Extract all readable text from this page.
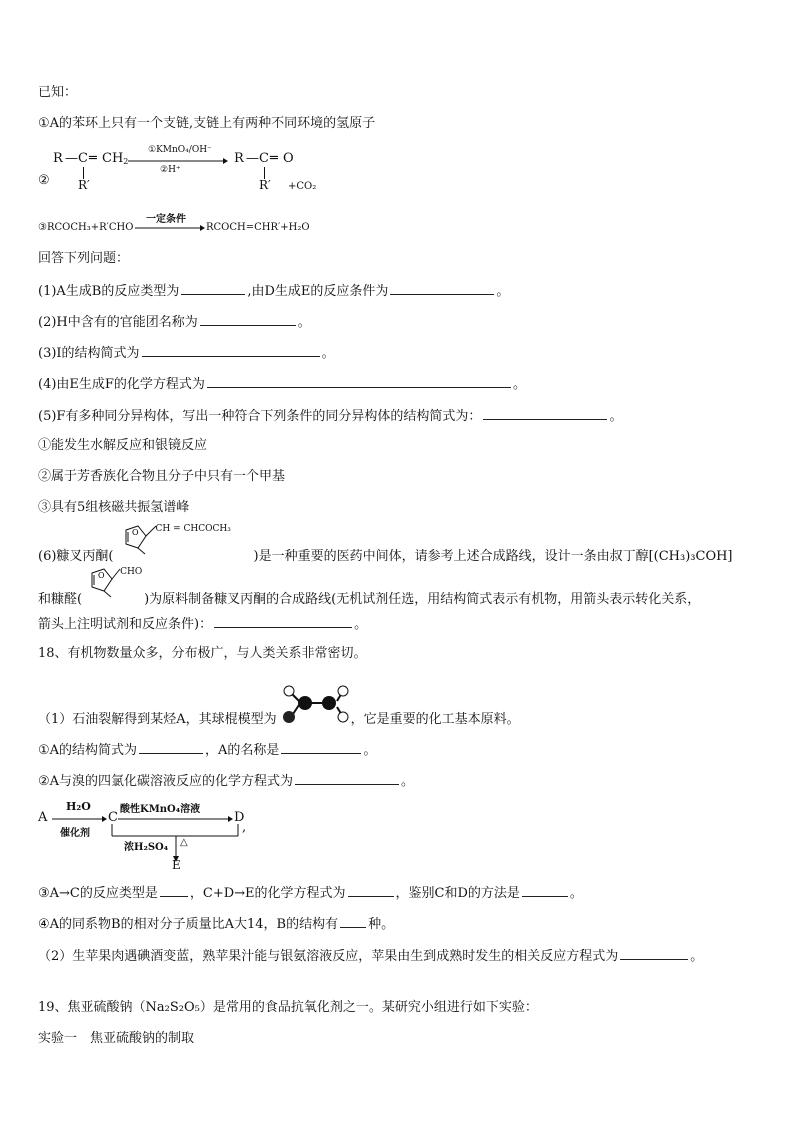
已知：
①A的苯环上只有一个支链,支链上有两种不同环境的氢原子
②
R — C ═ $CH_2$
R′
①KMnO₄/OH⁻
②H⁺
R — C ═ O
R′ +CO₂
③RCOCH₃+R′CHO
一定条件
RCOCH=CHR′+H₂O
回答下列问题：
(1)A生成B的反应类型为	,由D生成E的反应条件为	。
(2)H中含有的官能团名称为	。
(3)I的结构简式为	。
(4)由E生成F的化学方程式为	。
(5)F有多种同分异构体，写出一种符合下列条件的同分异构体的结构简式为：	。
①能发生水解反应和银镜反应
②属于芳香族化合物且分子中只有一个甲基
③具有5组核磁共振氢谱峰
(6)糠叉丙酮(
O CH = CHCOCH₃
)是一种重要的医药中间体，请参考上述合成路线，设计一条由叔丁醇[(CH₃)₃COH]
和糠醛(
O CHO
)为原料制备糠叉丙酮的合成路线(无机试剂任选，用结构简式表示有机物，用箭头表示转化关系，
箭头上注明试剂和反应条件)：	。
18、有机物数量众多，分布极广，与人类关系非常密切。
（1）石油裂解得到某烃A，其球棍模型为	，它是重要的化工基本原料。
①A的结构简式为	，A的名称是	。
②A与溴的四氯化碳溶液反应的化学方程式为	。
A
H₂O
催化剂
C
酸性KMnO₄溶液
D
,
浓H₂SO₄ △
E
③A→C的反应类型是 ，C+D→E的化学方程式为	，鉴别C和D的方法是	。
④A的同系物B的相对分子质量比A大14，B的结构有 种。
（2）生苹果肉遇碘酒变蓝，熟苹果汁能与银氨溶液反应，苹果由生到成熟时发生的相关反应方程式为	。
19、焦亚硫酸钠（Na₂S₂O₅）是常用的食品抗氧化剂之一。某研究小组进行如下实验：
实验一　焦亚硫酸钠的制取
